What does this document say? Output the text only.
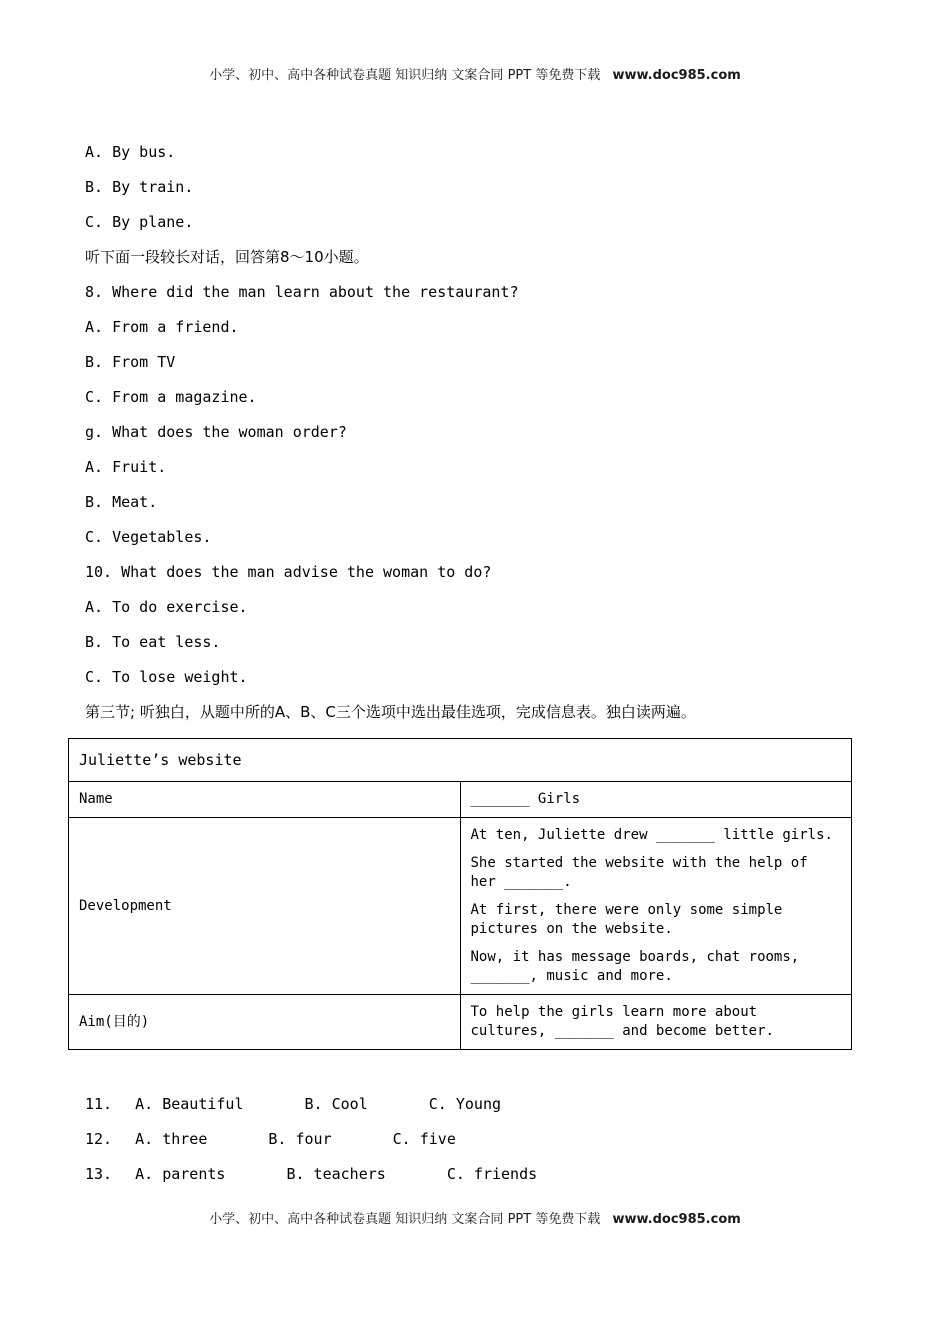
小学、初中、高中各种试卷真题 知识归纳 文案合同 PPT 等免费下载 www.doc985.com
A. By bus.
B. By train.
C. By plane.
听下面一段较长对话，回答第8～10小题。
8. Where did the man learn about the restaurant?
A. From a friend.
B. From TV
C. From a magazine.
g. What does the woman order?
A. Fruit.
B. Meat.
C. Vegetables.
10. What does the man advise the woman to do?
A. To do exercise.
B. To eat less.
C. To lose weight.
第三节; 听独白，从题中所的A、B、C三个选项中选出最佳选项，完成信息表。独白读两遍。
Juliette’s website	
Name	_______ Girls

Development	At ten, Juliette drew _______ little girls.

She started the website with the help of her _______.

At first, there were only some simple pictures on the website.

Now, it has message boards, chat rooms, _______, music and more.

Aim(目的)	To help the girls learn more about cultures, _______ and become better.

11. A. Beautiful	B. Cool	C. Young
12. A. three	B. four	C. five
13. A. parents	B. teachers	C. friends
小学、初中、高中各种试卷真题 知识归纳 文案合同 PPT 等免费下载 www.doc985.com
